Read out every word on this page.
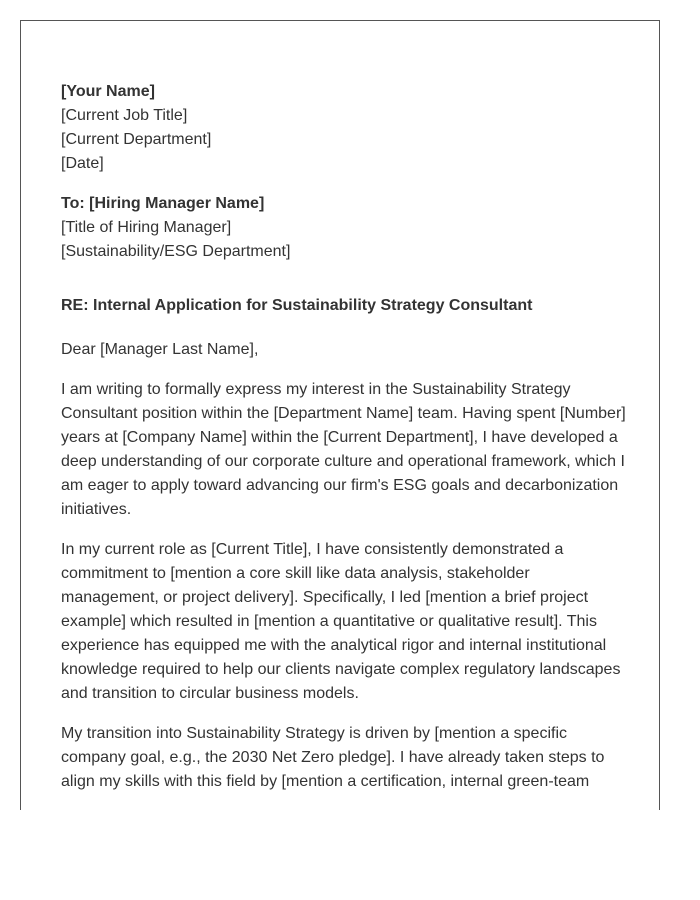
[Your Name]
[Current Job Title]
[Current Department]
[Date]
To: [Hiring Manager Name]
[Title of Hiring Manager]
[Sustainability/ESG Department]

RE: Internal Application for Sustainability Strategy Consultant

Dear [Manager Last Name],

I am writing to formally express my interest in the Sustainability Strategy Consultant position within the [Department Name] team. Having spent [Number] years at [Company Name] within the [Current Department], I have developed a deep understanding of our corporate culture and operational framework, which I am eager to apply toward advancing our firm's ESG goals and decarbonization initiatives.

In my current role as [Current Title], I have consistently demonstrated a commitment to [mention a core skill like data analysis, stakeholder management, or project delivery]. Specifically, I led [mention a brief project example] which resulted in [mention a quantitative or qualitative result]. This experience has equipped me with the analytical rigor and internal institutional knowledge required to help our clients navigate complex regulatory landscapes and transition to circular business models.

My transition into Sustainability Strategy is driven by [mention a specific company goal, e.g., the 2030 Net Zero pledge]. I have already taken steps to align my skills with this field by [mention a certification, internal green-team
